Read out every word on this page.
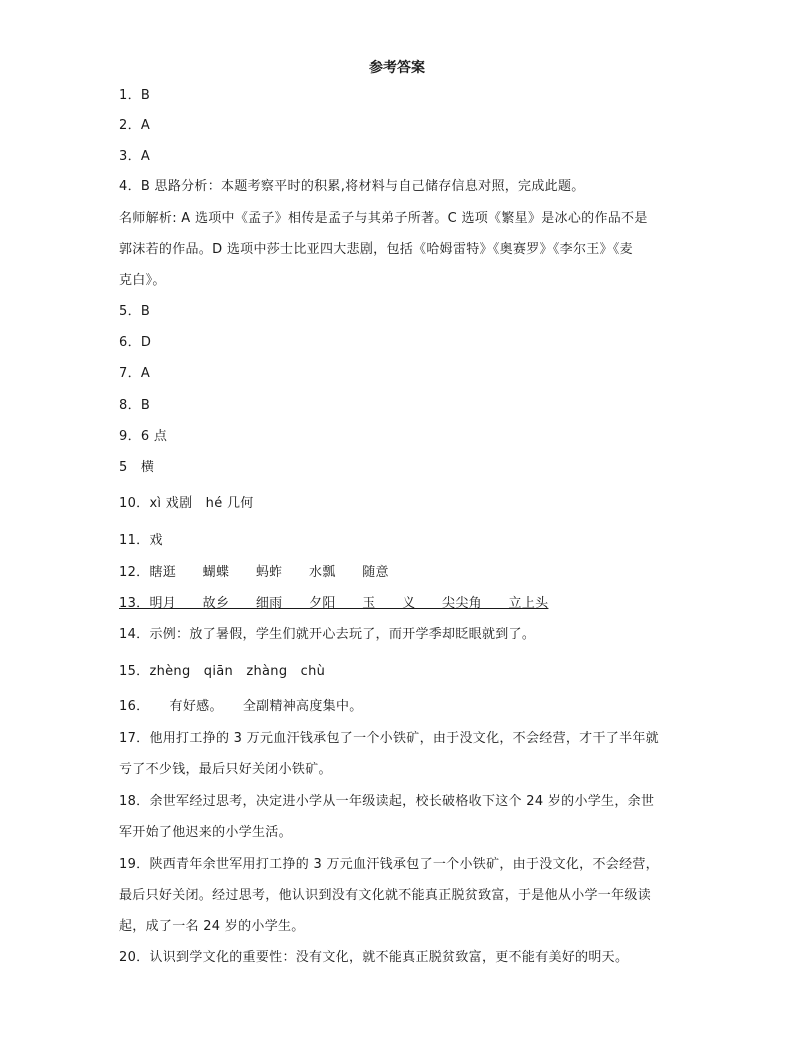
参考答案
1．B
2．A
3．A
4．B 思路分析：本题考察平时的积累,将材料与自己储存信息对照，完成此题。
名师解析: A 选项中《孟子》相传是孟子与其弟子所著。C 选项《繁星》是冰心的作品不是
郭沫若的作品。D 选项中莎士比亚四大悲剧，包括《哈姆雷特》《奥赛罗》《李尔王》《麦
克白》。
5．B
6．D
7．A
8．B
9．6 点
5　横
10．xì 戏剧　hé 几何
11．戏
12．瞎逛　　蝴蝶　　蚂蚱　　水瓢　　随意
13．明月　　故乡　　细雨　　夕阳　　玉　　义　　尖尖角　　立上头
14．示例：放了暑假，学生们就开心去玩了，而开学季却眨眼就到了。
15．zhèng　qiān　zhàng　chù
16．　　有好感。　　全副精神高度集中。
17．他用打工挣的 3 万元血汗钱承包了一个小铁矿，由于没文化，不会经营，才干了半年就
亏了不少钱，最后只好关闭小铁矿。
18．余世军经过思考，决定进小学从一年级读起，校长破格收下这个 24 岁的小学生，余世
军开始了他迟来的小学生活。
19．陕西青年余世军用打工挣的 3 万元血汗钱承包了一个小铁矿，由于没文化，不会经营，
最后只好关闭。经过思考，他认识到没有文化就不能真正脱贫致富，于是他从小学一年级读
起，成了一名 24 岁的小学生。
20．认识到学文化的重要性：没有文化，就不能真正脱贫致富，更不能有美好的明天。
